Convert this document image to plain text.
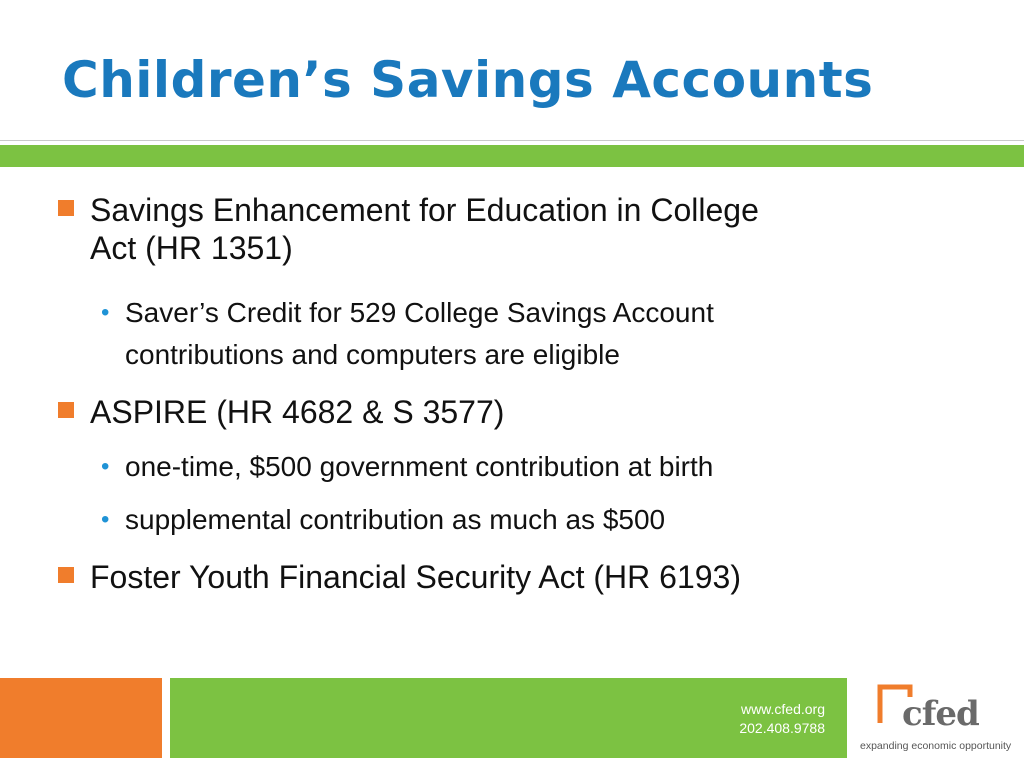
Children’s Savings Accounts
Savings Enhancement for Education in College
Act (HR 1351)
• Saver’s Credit for 529 College Savings Account
contributions and computers are eligible
ASPIRE (HR 4682 & S 3577)
• one-time, $500 government contribution at birth
• supplemental contribution as much as $500
Foster Youth Financial Security Act (HR 6193)
www.cfed.org
202.408.9788 cfed
expanding economic opportunity
